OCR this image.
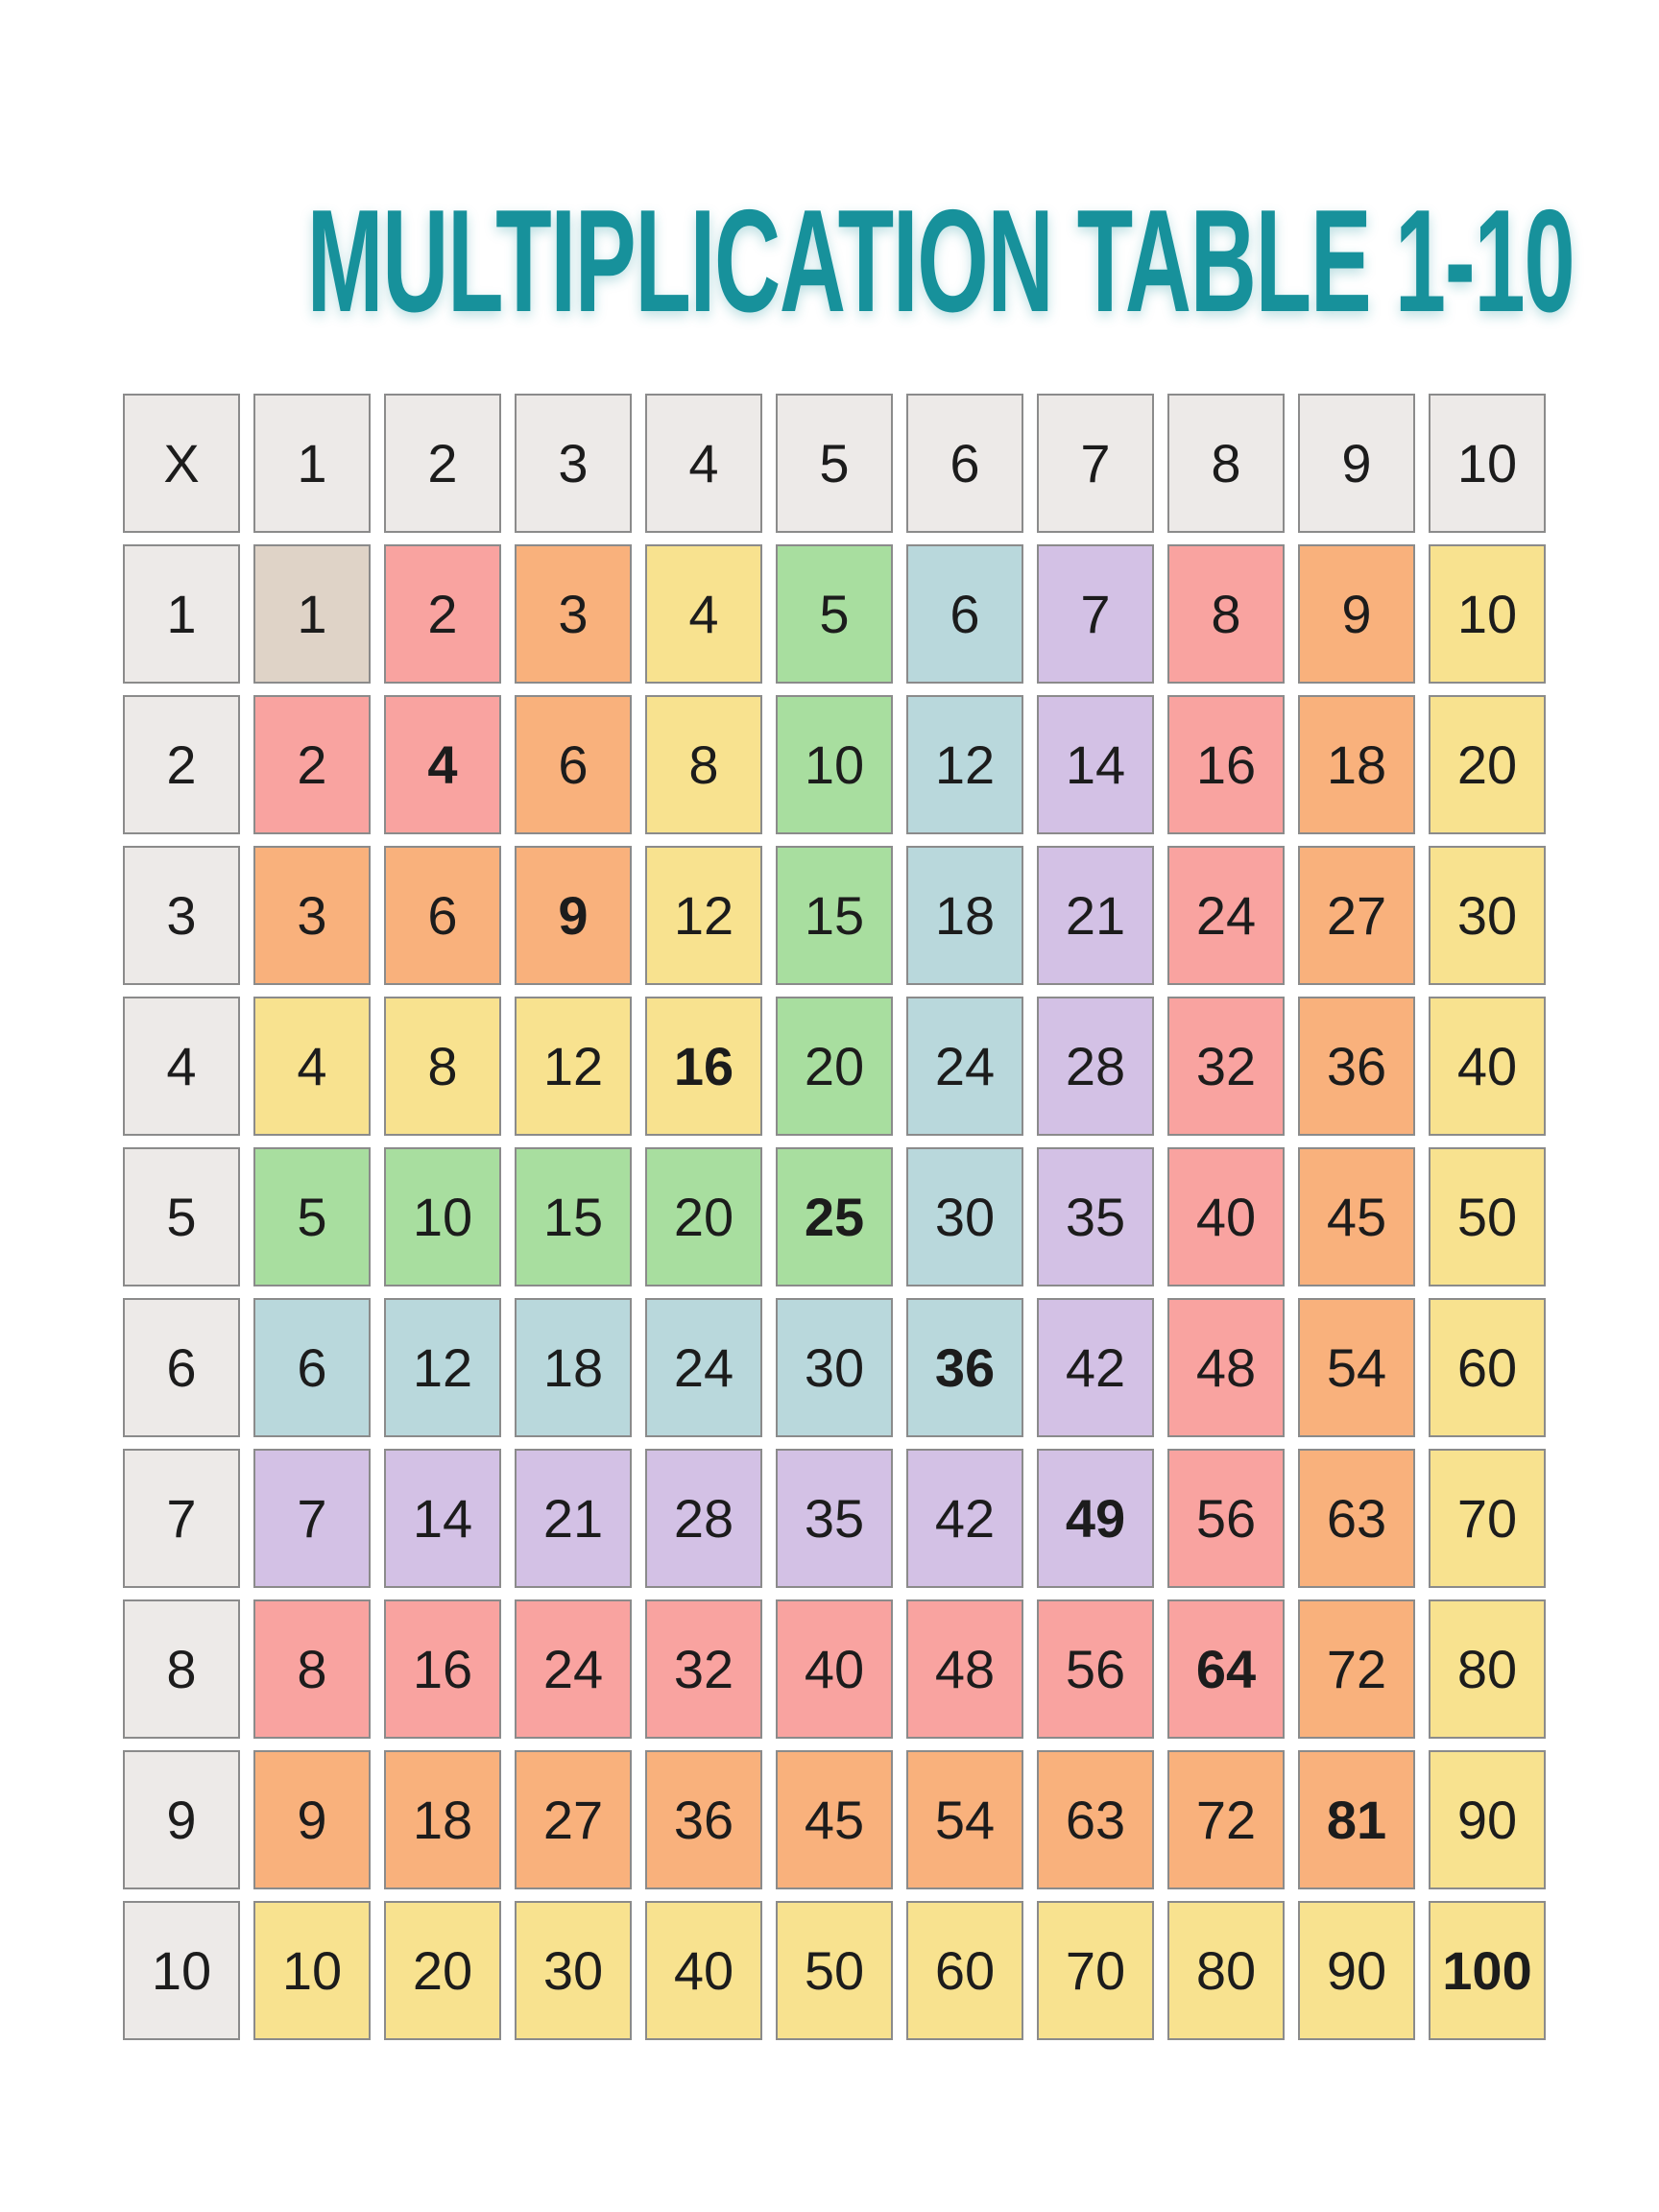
MULTIPLICATION TABLE 1-10
X	1	2	3	4	5	6	7	8	9	10
1	1	2	3	4	5	6	7	8	9	10
2	2	4	6	8	10	12	14	16	18	20
3	3	6	9	12	15	18	21	24	27	30
4	4	8	12	16	20	24	28	32	36	40
5	5	10	15	20	25	30	35	40	45	50
6	6	12	18	24	30	36	42	48	54	60
7	7	14	21	28	35	42	49	56	63	70
8	8	16	24	32	40	48	56	64	72	80
9	9	18	27	36	45	54	63	72	81	90
10	10	20	30	40	50	60	70	80	90	100
